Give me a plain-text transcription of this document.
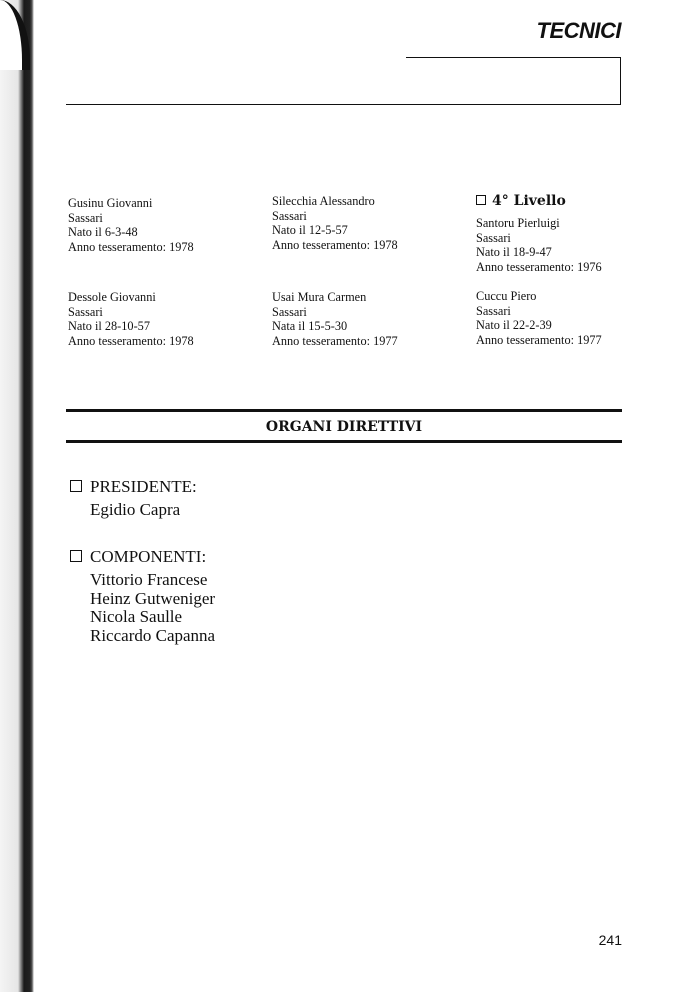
TECNICI
Gusinu Giovanni
Sassari
Nato il 6-3-48
Anno tesseramento: 1978
Dessole Giovanni
Sassari
Nato il 28-10-57
Anno tesseramento: 1978
Silecchia Alessandro
Sassari
Nato il 12-5-57
Anno tesseramento: 1978
Usai Mura Carmen
Sassari
Nata il 15-5-30
Anno tesseramento: 1977
4° Livello
Santoru Pierluigi
Sassari
Nato il 18-9-47
Anno tesseramento: 1976
Cuccu Piero
Sassari
Nato il 22-2-39
Anno tesseramento: 1977
ORGANI DIRETTIVI
PRESIDENTE:
Egidio Capra
COMPONENTI:
Vittorio Francese
Heinz Gutweniger
Nicola Saulle
Riccardo Capanna
241
